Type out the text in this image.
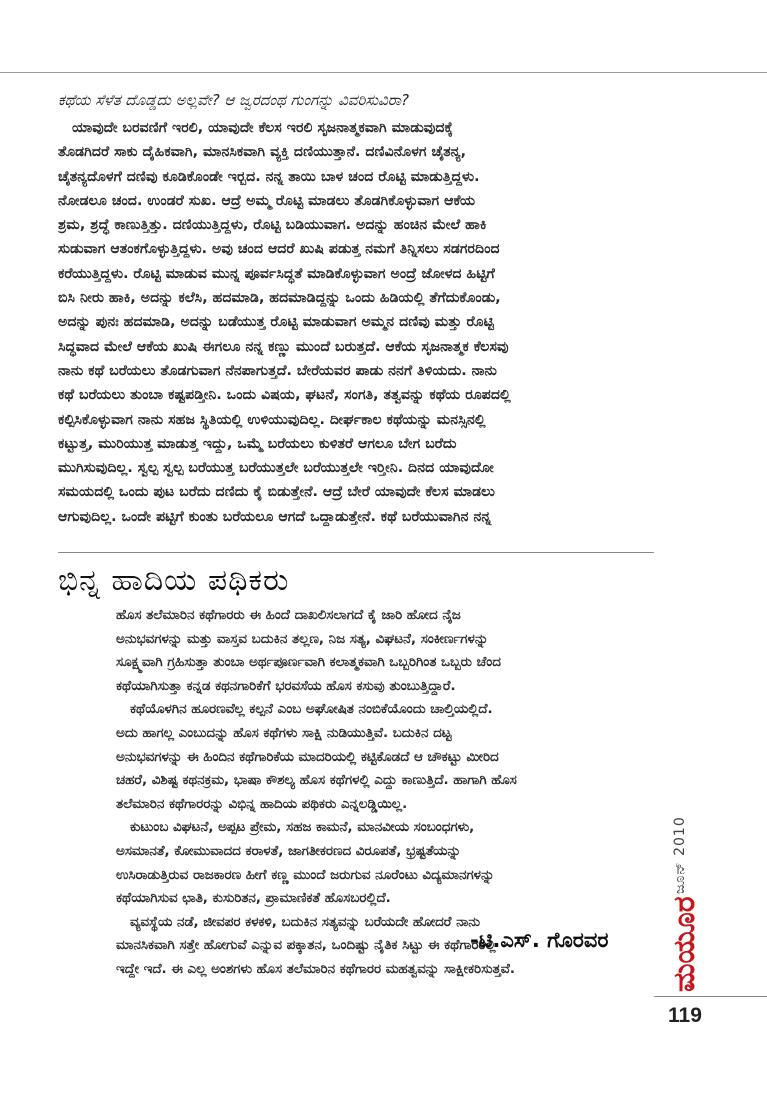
ಕಥೆಯ ಸೆಳೆತ ದೊಡ್ಡದು ಅಲ್ಲವೇ? ಆ ಜ್ವರದಂಥ ಗುಂಗನ್ನು ವಿವರಿಸುವಿರಾ?

ಯಾವುದೇ ಬರವಣಿಗೆ ಇರಲಿ, ಯಾವುದೇ ಕೆಲಸ ಇರಲಿ ಸೃಜನಾತ್ಮಕವಾಗಿ ಮಾಡುವುದಕ್ಕೆ
ತೊಡಗಿದರೆ ಸಾಕು ದೈಹಿಕವಾಗಿ, ಮಾನಸಿಕವಾಗಿ ವ್ಯಕ್ತಿ ದಣಿಯುತ್ತಾನೆ. ದಣಿವಿನೊಳಗ ಚೈತನ್ಯ,
ಚೈತನ್ಯದೊಳಗೆ ದಣಿವು ಕೂಡಿಕೊಂಡೇ ಇರ್‍ಬದ. ನನ್ನ ತಾಯಿ ಬಾಳ ಚಂದ ರೊಟ್ಟಿ ಮಾಡುತ್ತಿದ್ದಳು.
ನೋಡಲೂ ಚಂದ. ಉಂಡರೆ ಸುಖ. ಆದ್ರೆ ಅಮ್ಮ ರೊಟ್ಟಿ ಮಾಡಲು ತೊಡಗಿಕೊಳ್ಳುವಾಗ ಆಕೆಯ
ಶ್ರಮ, ಶ್ರದ್ಧೆ ಕಾಣುತ್ತಿತ್ತು. ದಣಿಯುತ್ತಿದ್ದಳು, ರೊಟ್ಟಿ ಬಡಿಯುವಾಗ. ಅದನ್ನು ಹಂಚಿನ ಮೇಲೆ ಹಾಕಿ
ಸುಡುವಾಗ ಆತಂಕಗೊಳ್ಳುತ್ತಿದ್ದಳು. ಅವು ಚಂದ ಆದರೆ ಖುಷಿ ಪಡುತ್ತ ನಮಗೆ ತಿನ್ನಿಸಲು ಸಡಗರದಿಂದ
ಕರೆಯುತ್ತಿದ್ದಳು. ರೊಟ್ಟಿ ಮಾಡುವ ಮುನ್ನ ಪೂರ್ವಸಿದ್ಧತೆ ಮಾಡಿಕೊಳ್ಳುವಾಗ ಅಂದ್ರೆ ಜೋಳದ ಹಿಟ್ಟಿಗೆ
ಬಿಸಿ ನೀರು ಹಾಕಿ, ಅದನ್ನು ಕಲೆಸಿ, ಹದಮಾಡಿ, ಹದಮಾಡಿದ್ದನ್ನು ಒಂದು ಹಿಡಿಯಲ್ಲಿ ತೆಗೆದುಕೊಂಡು,
ಅದನ್ನು ಪುನಃ ಹದಮಾಡಿ, ಅದನ್ನು ಬಡೆಯುತ್ತ ರೊಟ್ಟಿ ಮಾಡುವಾಗ ಅಮ್ಮನ ದಣಿವು ಮತ್ತು ರೊಟ್ಟಿ
ಸಿದ್ಧವಾದ ಮೇಲೆ ಆಕೆಯ ಖುಷಿ ಈಗಲೂ ನನ್ನ ಕಣ್ಣು ಮುಂದೆ ಬರುತ್ತದೆ. ಆಕೆಯ ಸೃಜನಾತ್ಮಕ ಕೆಲಸವು
ನಾನು ಕಥೆ ಬರೆಯಲು ತೊಡಗುವಾಗ ನೆನಪಾಗುತ್ತದೆ. ಬೇರೆಯವರ ಪಾಡು ನನಗೆ ತಿಳಿಯದು. ನಾನು
ಕಥೆ ಬರೆಯಲು ತುಂಬಾ ಕಷ್ಟಪಡ್ತೀನಿ. ಒಂದು ವಿಷಯ, ಘಟನೆ, ಸಂಗತಿ, ತತ್ವವನ್ನು ಕಥೆಯ ರೂಪದಲ್ಲಿ
ಕಲ್ಪಿಸಿಕೊಳ್ಳುವಾಗ ನಾನು ಸಹಜ ಸ್ಥಿತಿಯಲ್ಲಿ ಉಳಿಯುವುದಿಲ್ಲ. ದೀರ್ಘಕಾಲ ಕಥೆಯನ್ನು ಮನಸ್ಸಿನಲ್ಲಿ
ಕಟ್ಟುತ್ತ, ಮುರಿಯುತ್ತ ಮಾಡುತ್ತ ಇದ್ದು, ಒಮ್ಮೆ ಬರೆಯಲು ಕುಳಿತರೆ ಆಗಲೂ ಬೇಗ ಬರೆದು
ಮುಗಿಸುವುದಿಲ್ಲ. ಸ್ವಲ್ಪ ಸ್ವಲ್ಪ ಬರೆಯುತ್ತ ಬರೆಯುತ್ತಲೇ ಬರೆಯುತ್ತಲೇ ಇರ್‍ತೀನಿ. ದಿನದ ಯಾವುದೋ
ಸಮಯದಲ್ಲಿ ಒಂದು ಪುಟ ಬರೆದು ದಣಿದು ಕೈ ಬಿಡುತ್ತೇನೆ. ಆದ್ರೆ ಬೇರೆ ಯಾವುದೇ ಕೆಲಸ ಮಾಡಲು
ಆಗುವುದಿಲ್ಲ. ಒಂದೇ ಪಟ್ಟಿಗೆ ಕುಂತು ಬರೆಯಲೂ ಆಗದೆ ಒದ್ದಾಡುತ್ತೇನೆ. ಕಥೆ ಬರೆಯುವಾಗಿನ ನನ್ನ

ಭಿನ್ನ ಹಾದಿಯ ಪಥಿಕರು

ಹೊಸ ತಲೆಮಾರಿನ ಕಥೆಗಾರರು ಈ ಹಿಂದೆ ದಾಖಲಿಸಲಾಗದೆ ಕೈ ಜಾರಿ ಹೋದ ನೈಜ
ಅನುಭವಗಳನ್ನು ಮತ್ತು ವಾಸ್ತವ ಬದುಕಿನ ತಲ್ಲಣ, ನಿಜ ಸತ್ಯ, ವಿಘಟನೆ, ಸಂಕೀರ್ಣಗಳನ್ನು
ಸೂಕ್ಷ್ಮವಾಗಿ ಗ್ರಹಿಸುತ್ತಾ ತುಂಬಾ ಅರ್ಥಪೂರ್ಣವಾಗಿ ಕಲಾತ್ಮಕವಾಗಿ ಒಬ್ಬರಿಗಿಂತ ಒಬ್ಬರು ಚೆಂದ
ಕಥೆಯಾಗಿಸುತ್ತಾ ಕನ್ನಡ ಕಥನಗಾರಿಕೆಗೆ ಭರವಸೆಯ ಹೊಸ ಕಸುವು ತುಂಬುತ್ತಿದ್ದಾರೆ.
ಕಥೆಯೊಳಗಿನ ಹೂರಣವೆಲ್ಲ ಕಲ್ಪನೆ ಎಂಬ ಅಘೋಷಿತ ನಂಬಿಕೆಯೊಂದು ಚಾಲ್ತಿಯಲ್ಲಿದೆ.
ಅದು ಹಾಗಲ್ಲ ಎಂಬುದನ್ನು ಹೊಸ ಕಥೆಗಳು ಸಾಕ್ಷಿ ನುಡಿಯುತ್ತಿವೆ. ಬದುಕಿನ ದಟ್ಟ
ಅನುಭವಗಳನ್ನು ಈ ಹಿಂದಿನ ಕಥೆಗಾರಿಕೆಯ ಮಾದರಿಯಲ್ಲಿ ಕಟ್ಟಿಕೊಡದೆ ಆ ಚೌಕಟ್ಟು ಮೀರಿದ
ಚಹರೆ, ವಿಶಿಷ್ಟ ಕಥನಕ್ರಮ, ಭಾಷಾ ಕೌಶಲ್ಯ ಹೊಸ ಕಥೆಗಳಲ್ಲಿ ಎದ್ದು ಕಾಣುತ್ತಿದೆ. ಹಾಗಾಗಿ ಹೊಸ
ತಲೆಮಾರಿನ ಕಥೆಗಾರರನ್ನು ವಿಭಿನ್ನ ಹಾದಿಯ ಪಥಿಕರು ಎನ್ನಲಡ್ಡಿಯಿಲ್ಲ.
ಕುಟುಂಬ ವಿಘಟನೆ, ಅಪ್ಪಟ ಪ್ರೇಮ, ಸಹಜ ಕಾಮನೆ, ಮಾನವೀಯ ಸಂಬಂಧಗಳು,
ಅಸಮಾನತೆ, ಕೋಮುವಾದದ ಕರಾಳತೆ, ಜಾಗತೀಕರಣದ ವಿರೂಪತೆ, ಭ್ರಷ್ಟತೆಯನ್ನು
ಉಸಿರಾಡುತ್ತಿರುವ ರಾಜಕಾರಣ ಹೀಗೆ ಕಣ್ಣ ಮುಂದೆ ಜರುಗುವ ನೂರೆಂಟು ವಿದ್ಯಮಾನಗಳನ್ನು
ಕಥೆಯಾಗಿಸುವ ಛಾತಿ, ಕುಸುರಿತನ, ಪ್ರಾಮಾಣಿಕತೆ ಹೊಸಬರಲ್ಲಿದೆ.
ವ್ಯವಸ್ಥೆಯ ನಡೆ, ಜೀವಪರ ಕಳಕಳಿ, ಬದುಕಿನ ಸತ್ಯವನ್ನು ಬರೆಯದೇ ಹೋದರೆ ನಾನು
ಮಾನಸಿಕವಾಗಿ ಸತ್ತೇ ಹೋಗುವೆ ಎನ್ನುವ ಪಕ್ಕಾತನ, ಒಂದಿಷ್ಟು ನೈತಿಕ ಸಿಟ್ಟು ಈ ಕಥೆಗಾರರಲ್ಲಿ
ಇದ್ದೇ ಇದೆ. ಈ ಎಲ್ಲ ಅಂಶಗಳು ಹೊಸ ತಲೆಮಾರಿನ ಕಥೆಗಾರರ ಮಹತ್ವವನ್ನು ಸಾಕ್ಷೀಕರಿಸುತ್ತವೆ.

-ಟಿ.ಎಸ್. ಗೊರವರ
ಜೂನ್ 2010
ಮಯೂರ
119
